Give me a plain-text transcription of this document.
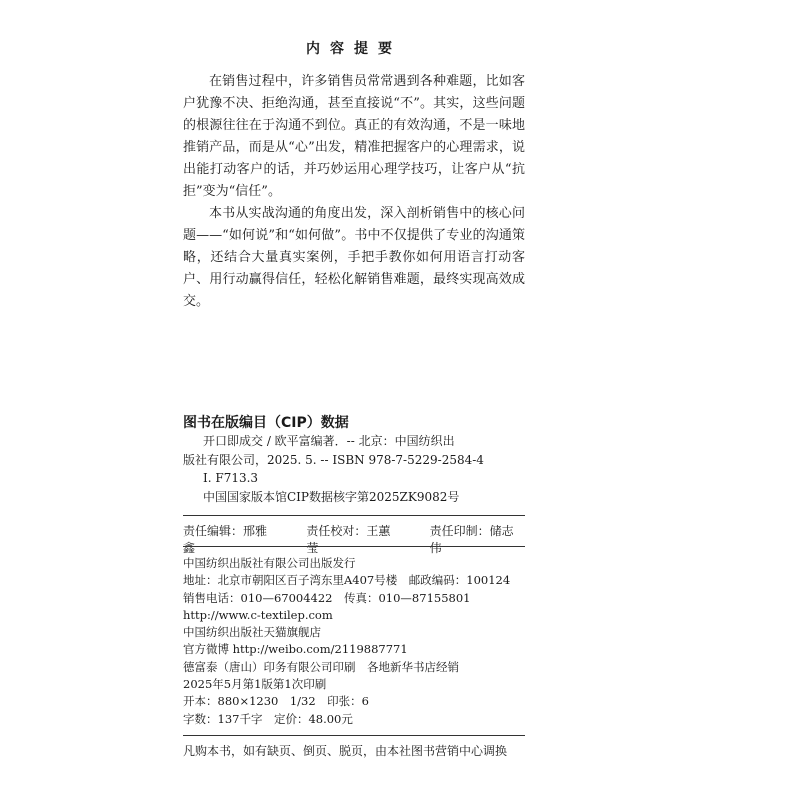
内容提要

在销售过程中，许多销售员常常遇到各种难题，比如客户犹豫不决、拒绝沟通，甚至直接说“不”。其实，这些问题的根源往往在于沟通不到位。真正的有效沟通，不是一味地推销产品，而是从“心”出发，精准把握客户的心理需求，说出能打动客户的话，并巧妙运用心理学技巧，让客户从“抗拒”变为“信任”。

本书从实战沟通的角度出发，深入剖析销售中的核心问题——“如何说”和“如何做”。书中不仅提供了专业的沟通策略，还结合大量真实案例，手把手教你如何用语言打动客户、用行动赢得信任，轻松化解销售难题，最终实现高效成交。

图书在版编目（CIP）数据
开口即成交 / 欧平富编著．-- 北京：中国纺织出
版社有限公司，2025. 5. -- ISBN 978-7-5229-2584-4
Ⅰ. F713.3
中国国家版本馆CIP数据核字第2025ZK9082号
责任编辑：邢雅鑫
责任校对：王蕙莹
责任印制：储志伟
中国纺织出版社有限公司出版发行
地址：北京市朝阳区百子湾东里A407号楼　邮政编码：100124
销售电话：010—67004422　传真：010—87155801
http://www.c-textilep.com
中国纺织出版社天猫旗舰店
官方微博 http://weibo.com/2119887771
德富泰（唐山）印务有限公司印刷　各地新华书店经销
2025年5月第1版第1次印刷
开本：880×1230　1/32　印张：6
字数：137千字　定价：48.00元
凡购本书，如有缺页、倒页、脱页，由本社图书营销中心调换
